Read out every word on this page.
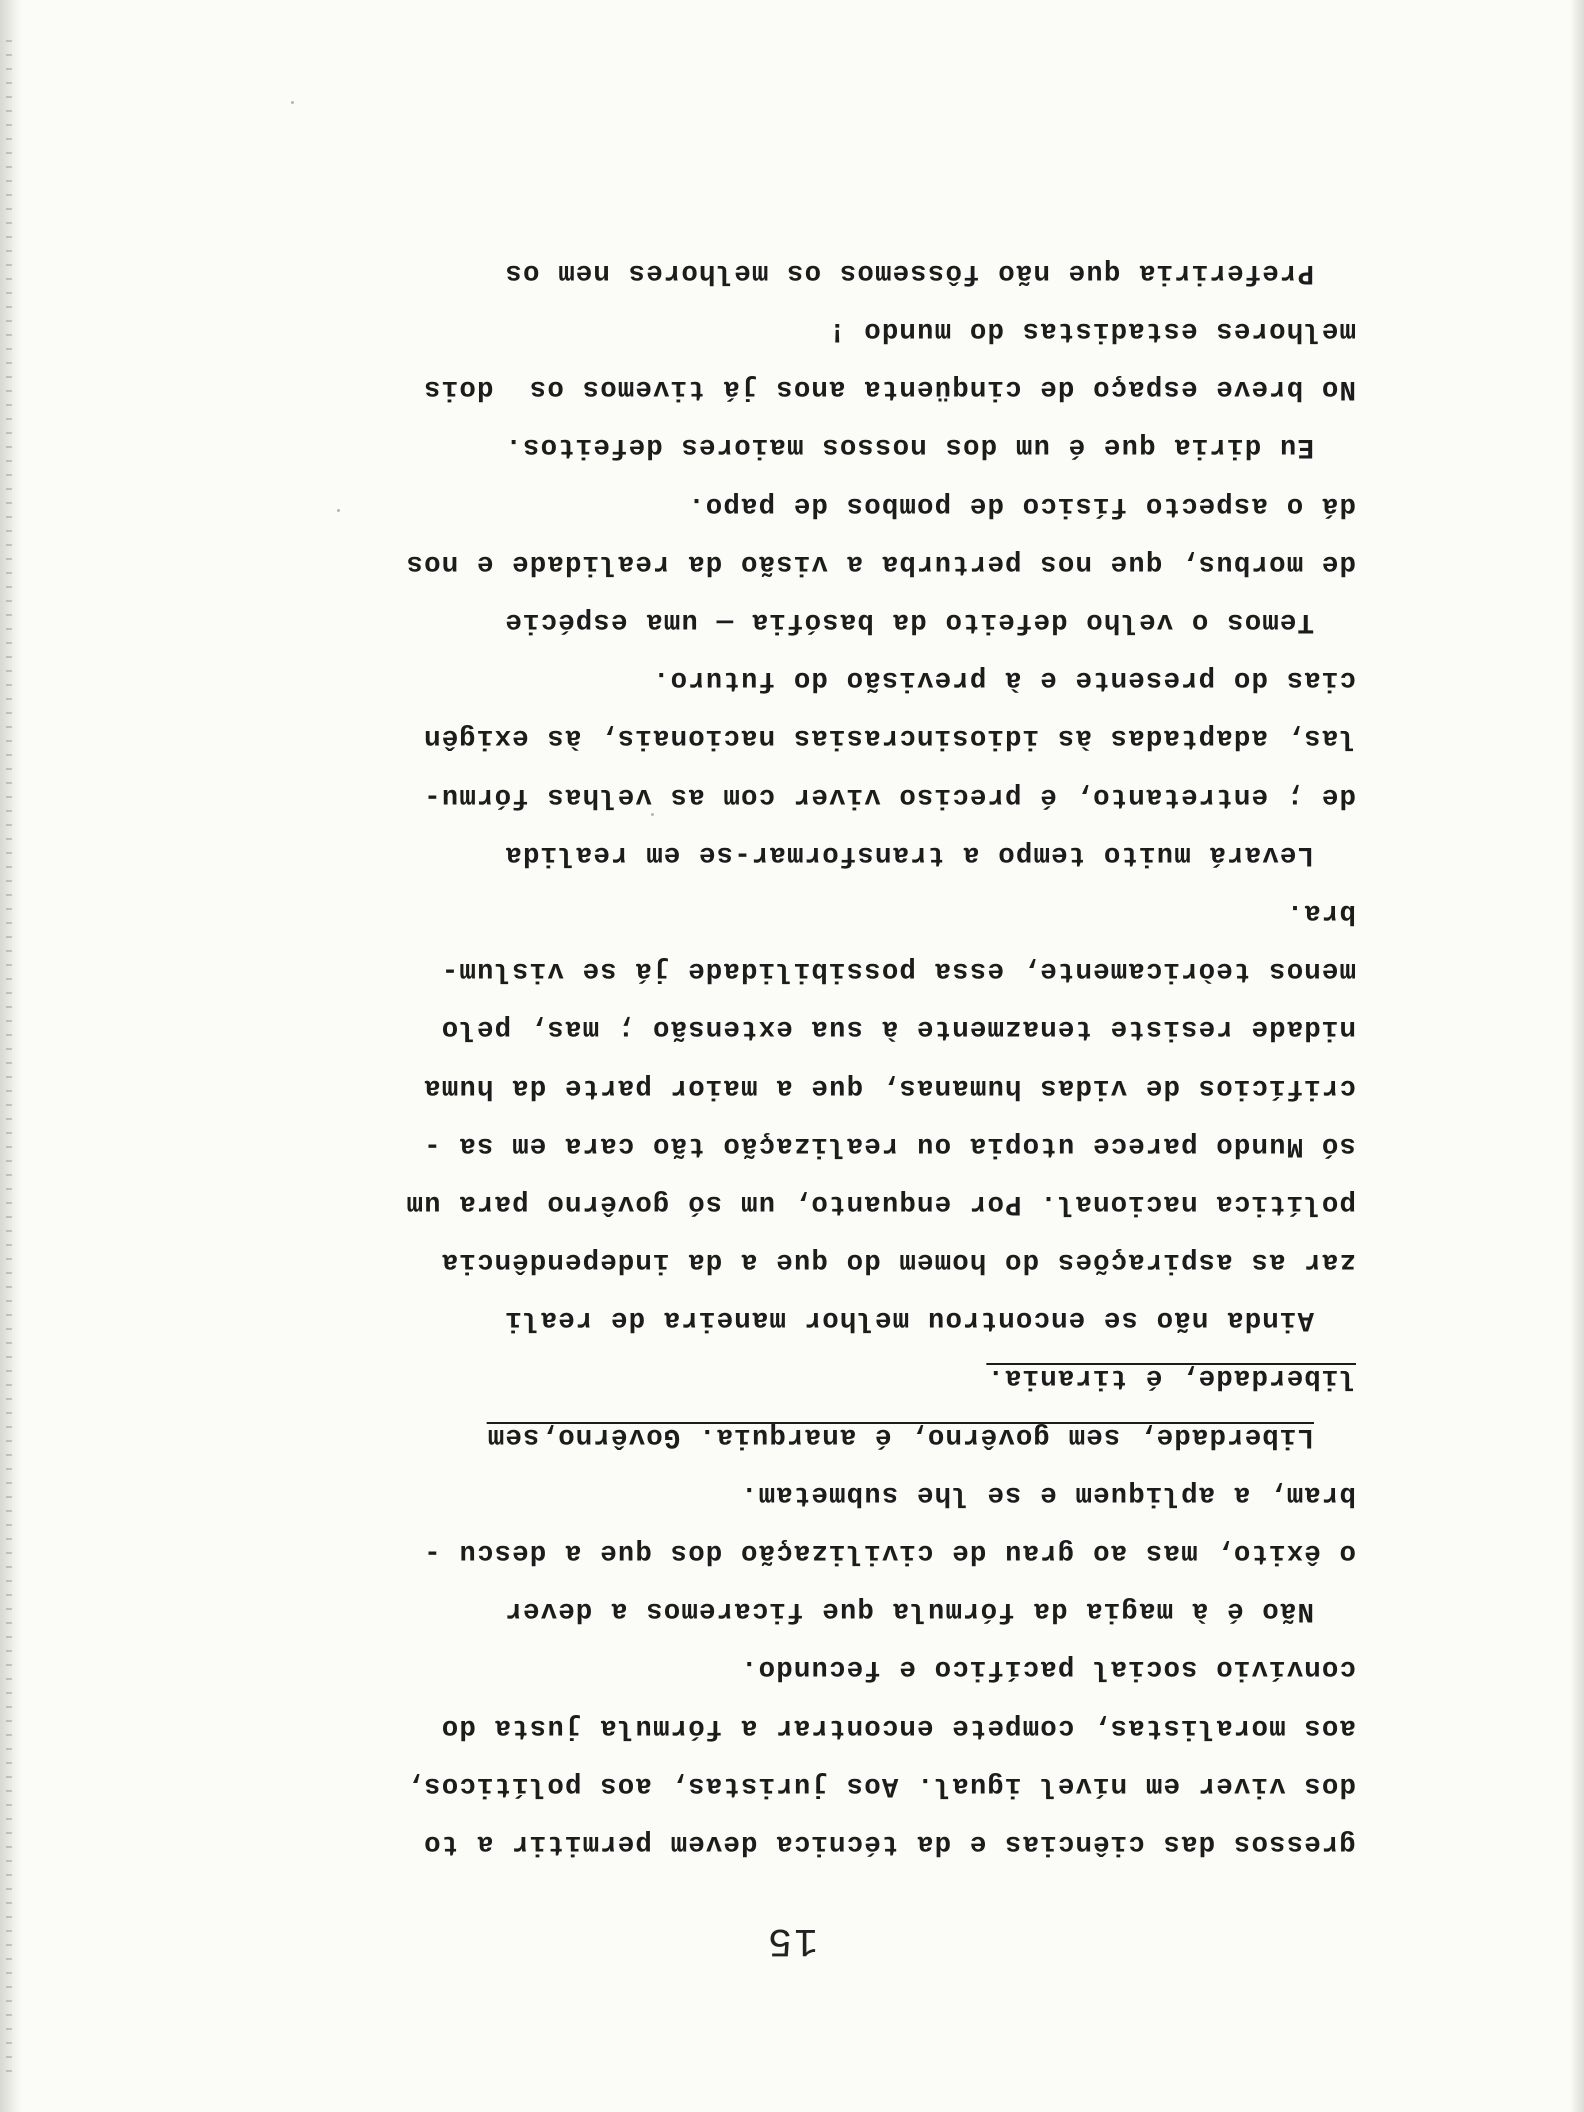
15
gressos das ciências e da técnica devem permitir a to
dos viver em nível igual. Aos juristas, aos políticos,
aos moralistas, compete encontrar a fórmula justa do
convívio social pacífico e fecundo.
Não é à magia da fórmula que ficaremos a dever
o êxito, mas ao grau de civilização dos que a descu -
bram, a apliquem e se lhe submetam.
Liberdade, sem govêrno, é anarquia. Govêrno,sem
liberdade, é tirania.
Ainda não se encontrou melhor maneira de reali
zar as aspirações do homem do que a da independência
política nacional. Por enquanto, um só govêrno para um
só Mundo parece utopia ou realização tão cara em sa -
crifícios de vidas humanas, que a maior parte da huma
nidade resiste tenazmente à sua extensão ; mas, pelo
menos teòricamente, essa possibilidade já se vislum-
bra.
Levará muito tempo a transformar-se em realida
de ; entretanto, é preciso viver com as velhas fórmu-
las, adaptadas às idiosincrasias nacionais, às exigên
cias do presente e à previsão do futuro.
Temos o velho defeito da basófia — uma espécie
de morbus, que nos perturba a visão da realidade e nos
dá o aspecto físico de pombos de papo.
Eu diria que é um dos nossos maiores defeitos.
No breve espaço de cinqüenta anos já tivemos os  dois
melhores estadistas do mundo !
Preferiria que não fôssemos os melhores nem os
